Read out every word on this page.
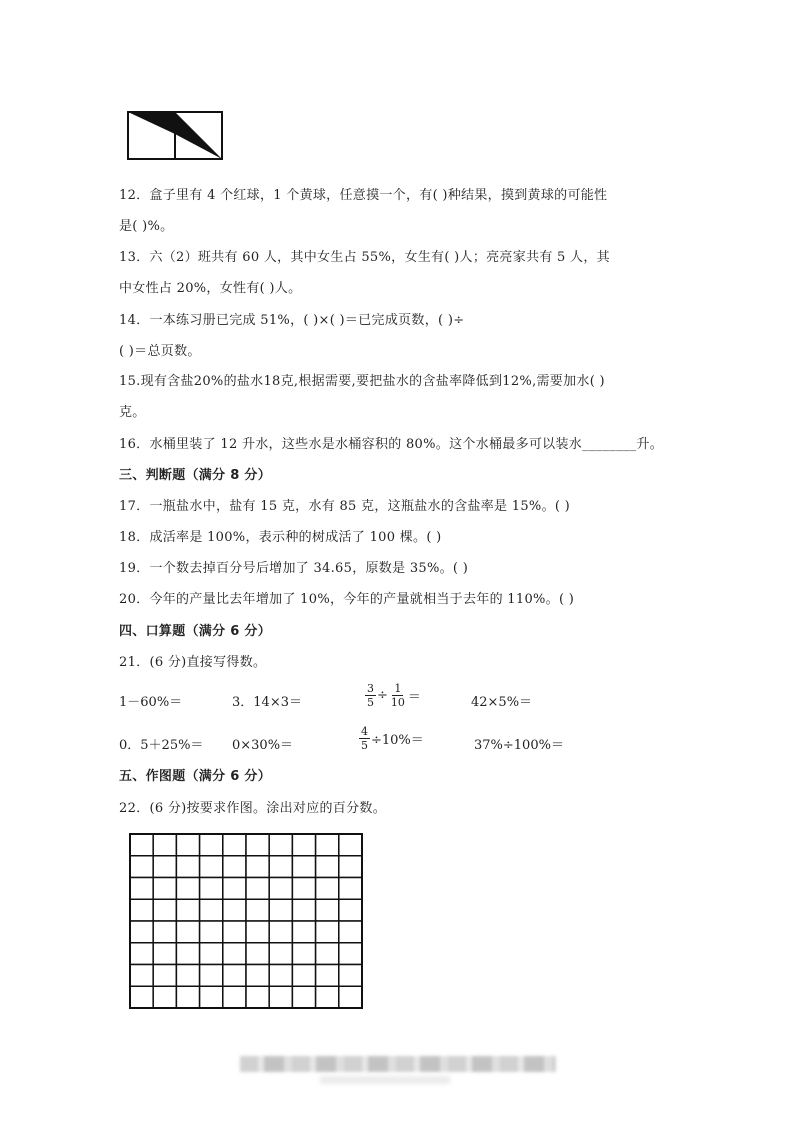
12．盒子里有 4 个红球，1 个黄球，任意摸一个，有( )种结果，摸到黄球的可能性
是( )%。
13．六（2）班共有 60 人，其中女生占 55%，女生有( )人；亮亮家共有 5 人，其
中女性占 20%，女性有( )人。
14．一本练习册已完成 51%，( )×( )＝已完成页数，( )÷
( )＝总页数。
15.现有含盐20%的盐水18克,根据需要,要把盐水的含盐率降低到12%,需要加水( )
克。
16．水桶里装了 12 升水，这些水是水桶容积的 80%。这个水桶最多可以装水________升。
三、判断题（满分 8 分）
17．一瓶盐水中，盐有 15 克，水有 85 克，这瓶盐水的含盐率是 15%。( )
18．成活率是 100%，表示种的树成活了 100 棵。( )
19．一个数去掉百分号后增加了 34.65，原数是 35%。( )
20．今年的产量比去年增加了 10%，今年的产量就相当于去年的 110%。( )
四、口算题（满分 6 分）
21．(6 分)直接写得数。
1－60%＝	3．14×3＝	$\frac{3}{5} \div \frac{1}{10}$ ＝	42×5%＝
0．5＋25%＝ 0×30%＝	$\frac{4}{5} \div 10\%=$	37%÷100%＝
五、作图题（满分 6 分）
22．(6 分)按要求作图。涂出对应的百分数。
